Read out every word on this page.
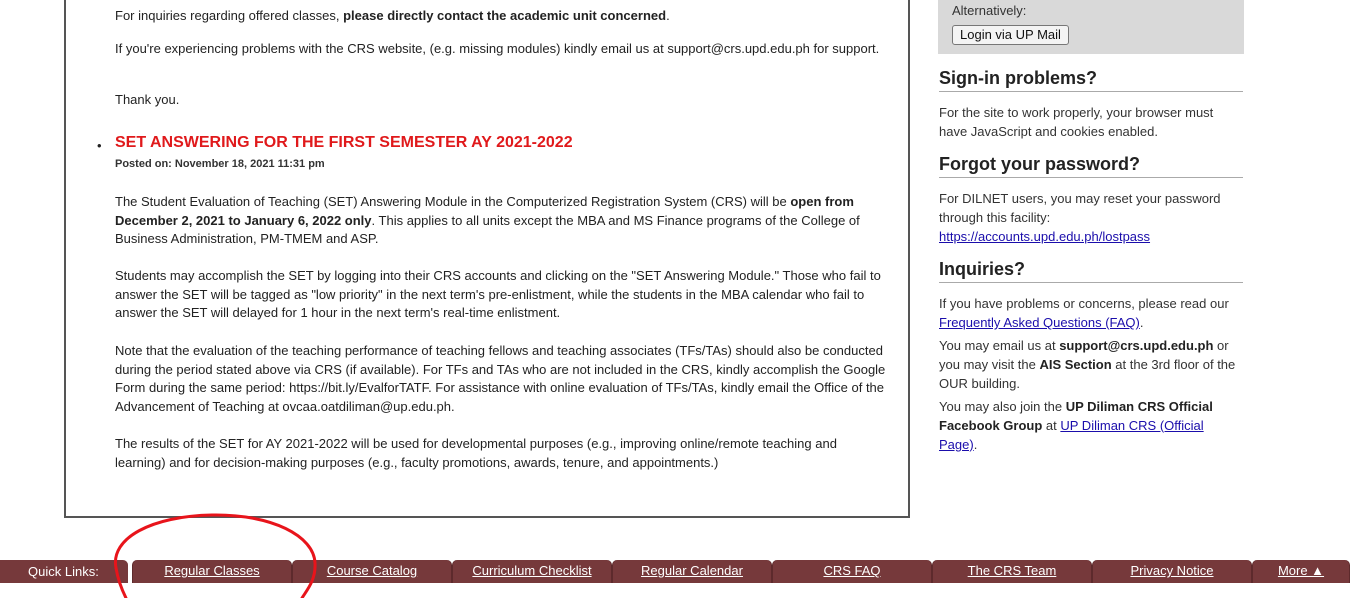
For inquiries regarding offered classes, please directly contact the academic unit concerned.

If you're experiencing problems with the CRS website, (e.g. missing modules) kindly email us at support@crs.upd.edu.ph for support.

Thank you.

• SET ANSWERING FOR THE FIRST SEMESTER AY 2021-2022

Posted on: November 18, 2021 11:31 pm

The Student Evaluation of Teaching (SET) Answering Module in the Computerized Registration System (CRS) will be open from December 2, 2021 to January 6, 2022 only. This applies to all units except the MBA and MS Finance programs of the College of Business Administration, PM-TMEM and ASP.

Students may accomplish the SET by logging into their CRS accounts and clicking on the "SET Answering Module." Those who fail to answer the SET will be tagged as "low priority" in the next term's pre-enlistment, while the students in the MBA calendar who fail to answer the SET will delayed for 1 hour in the next term's real-time enlistment.

Note that the evaluation of the teaching performance of teaching fellows and teaching associates (TFs/TAs) should also be conducted during the period stated above via CRS (if available). For TFs and TAs who are not included in the CRS, kindly accomplish the Google Form during the same period: https://bit.ly/EvalforTATF. For assistance with online evaluation of TFs/TAs, kindly email the Office of the Advancement of Teaching at ovcaa.oatdiliman@up.edu.ph.

The results of the SET for AY 2021-2022 will be used for developmental purposes (e.g., improving online/remote teaching and learning) and for decision-making purposes (e.g., faculty promotions, awards, tenure, and appointments.)

Alternatively:
Login via UP Mail
Sign-in problems?

For the site to work properly, your browser must have JavaScript and cookies enabled.

Forgot your password?

For DILNET users, you may reset your password through this facility:
https://accounts.upd.edu.ph/lostpass

Inquiries?

If you have problems or concerns, please read our Frequently Asked Questions (FAQ).

You may email us at support@crs.upd.edu.ph or you may visit the AIS Section at the 3rd floor of the OUR building.

You may also join the UP Diliman CRS Official Facebook Group at UP Diliman CRS (Official Page).

Quick Links:	Regular Classes	Course Catalog	Curriculum Checklist	Regular Calendar	CRS FAQ	The CRS Team	Privacy Notice	More ▲
